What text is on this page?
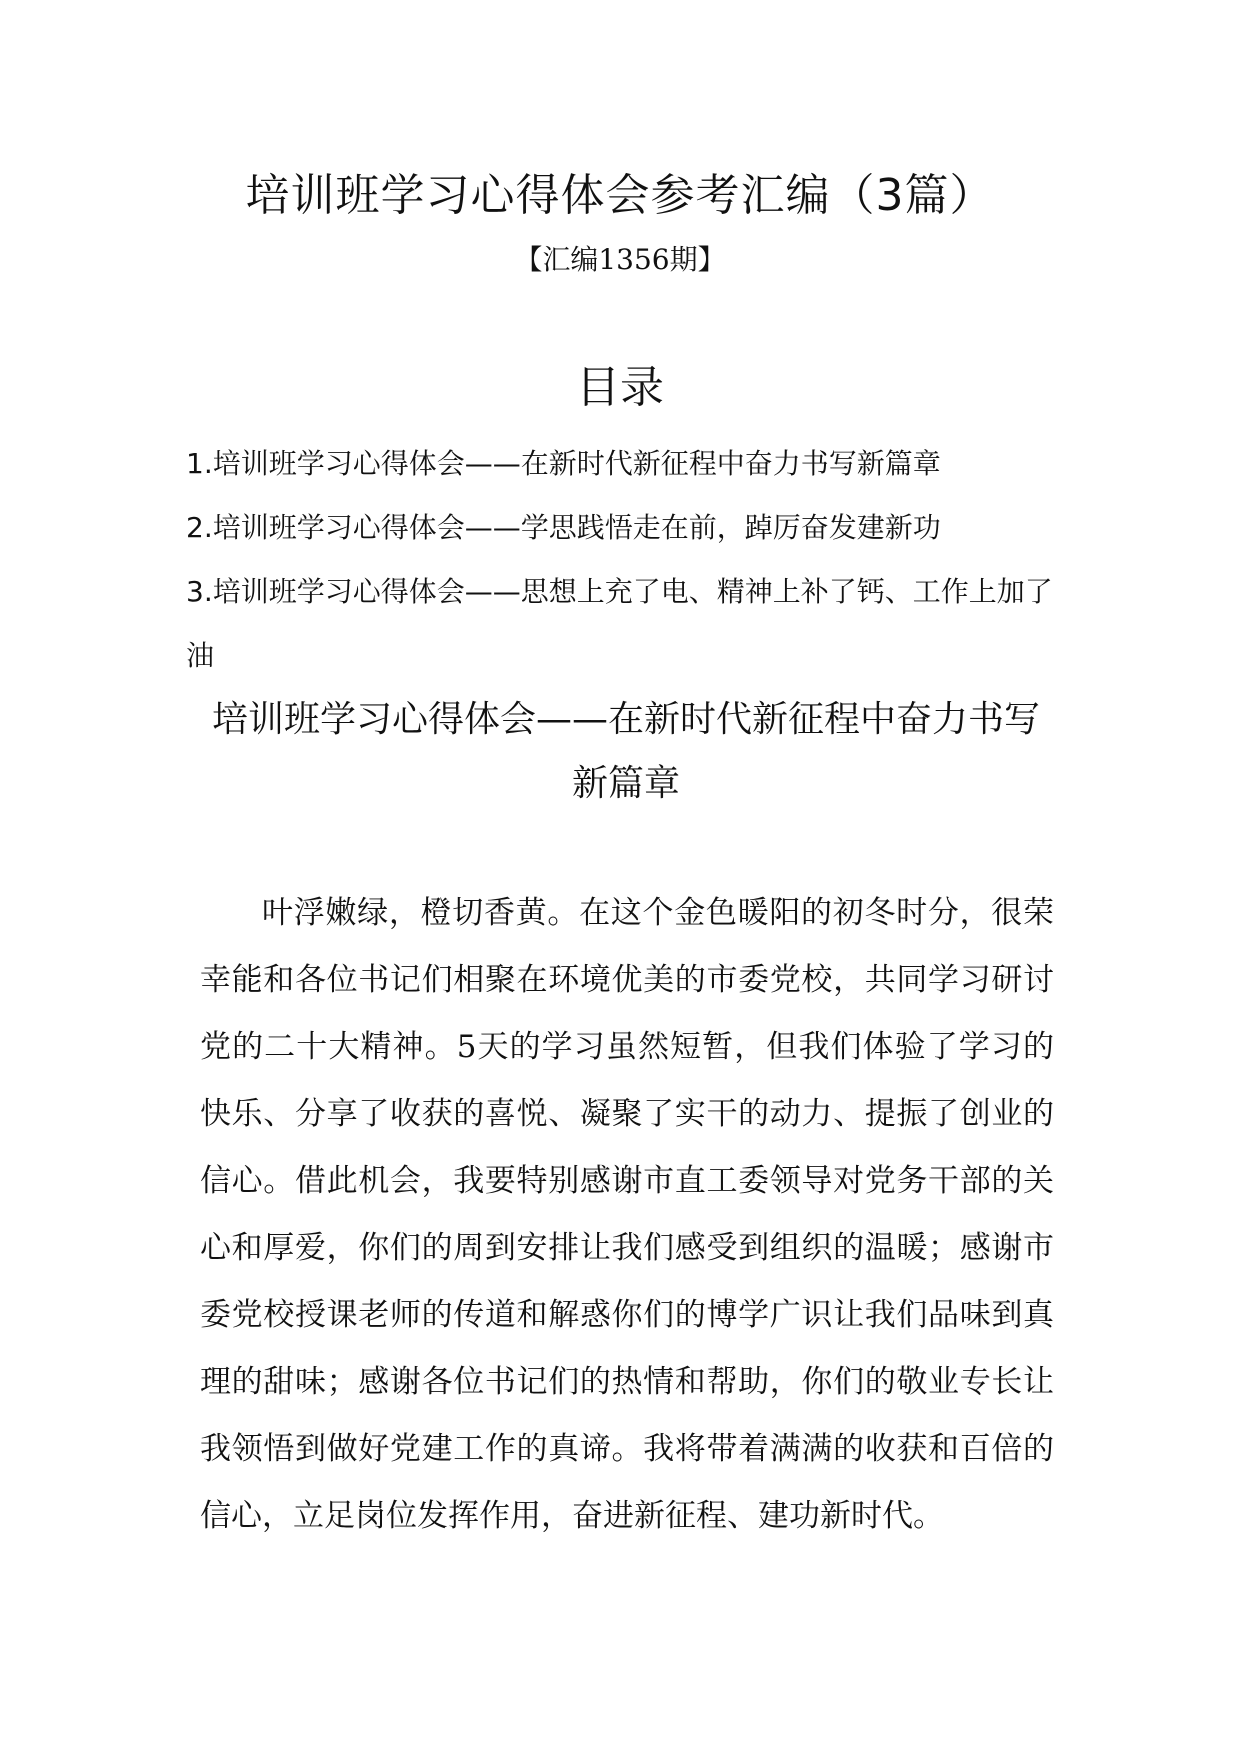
培训班学习心得体会参考汇编（3篇）
【汇编1356期】
目录
1.培训班学习心得体会——在新时代新征程中奋力书写新篇章
2.培训班学习心得体会——学思践悟走在前，踔厉奋发建新功
3.培训班学习心得体会——思想上充了电、精神上补了钙、工作上加了油
培训班学习心得体会——在新时代新征程中奋力书写新篇章

叶浮嫩绿，橙切香黄。在这个金色暖阳的初冬时分，很荣幸能和各位书记们相聚在环境优美的市委党校，共同学习研讨党的二十大精神。5天的学习虽然短暂，但我们体验了学习的快乐、分享了收获的喜悦、凝聚了实干的动力、提振了创业的信心。借此机会，我要特别感谢市直工委领导对党务干部的关心和厚爱，你们的周到安排让我们感受到组织的温暖；感谢市委党校授课老师的传道和解惑你们的博学广识让我们品味到真理的甜味；感谢各位书记们的热情和帮助，你们的敬业专长让我领悟到做好党建工作的真谛。我将带着满满的收获和百倍的信心，立足岗位发挥作用，奋进新征程、建功新时代。
